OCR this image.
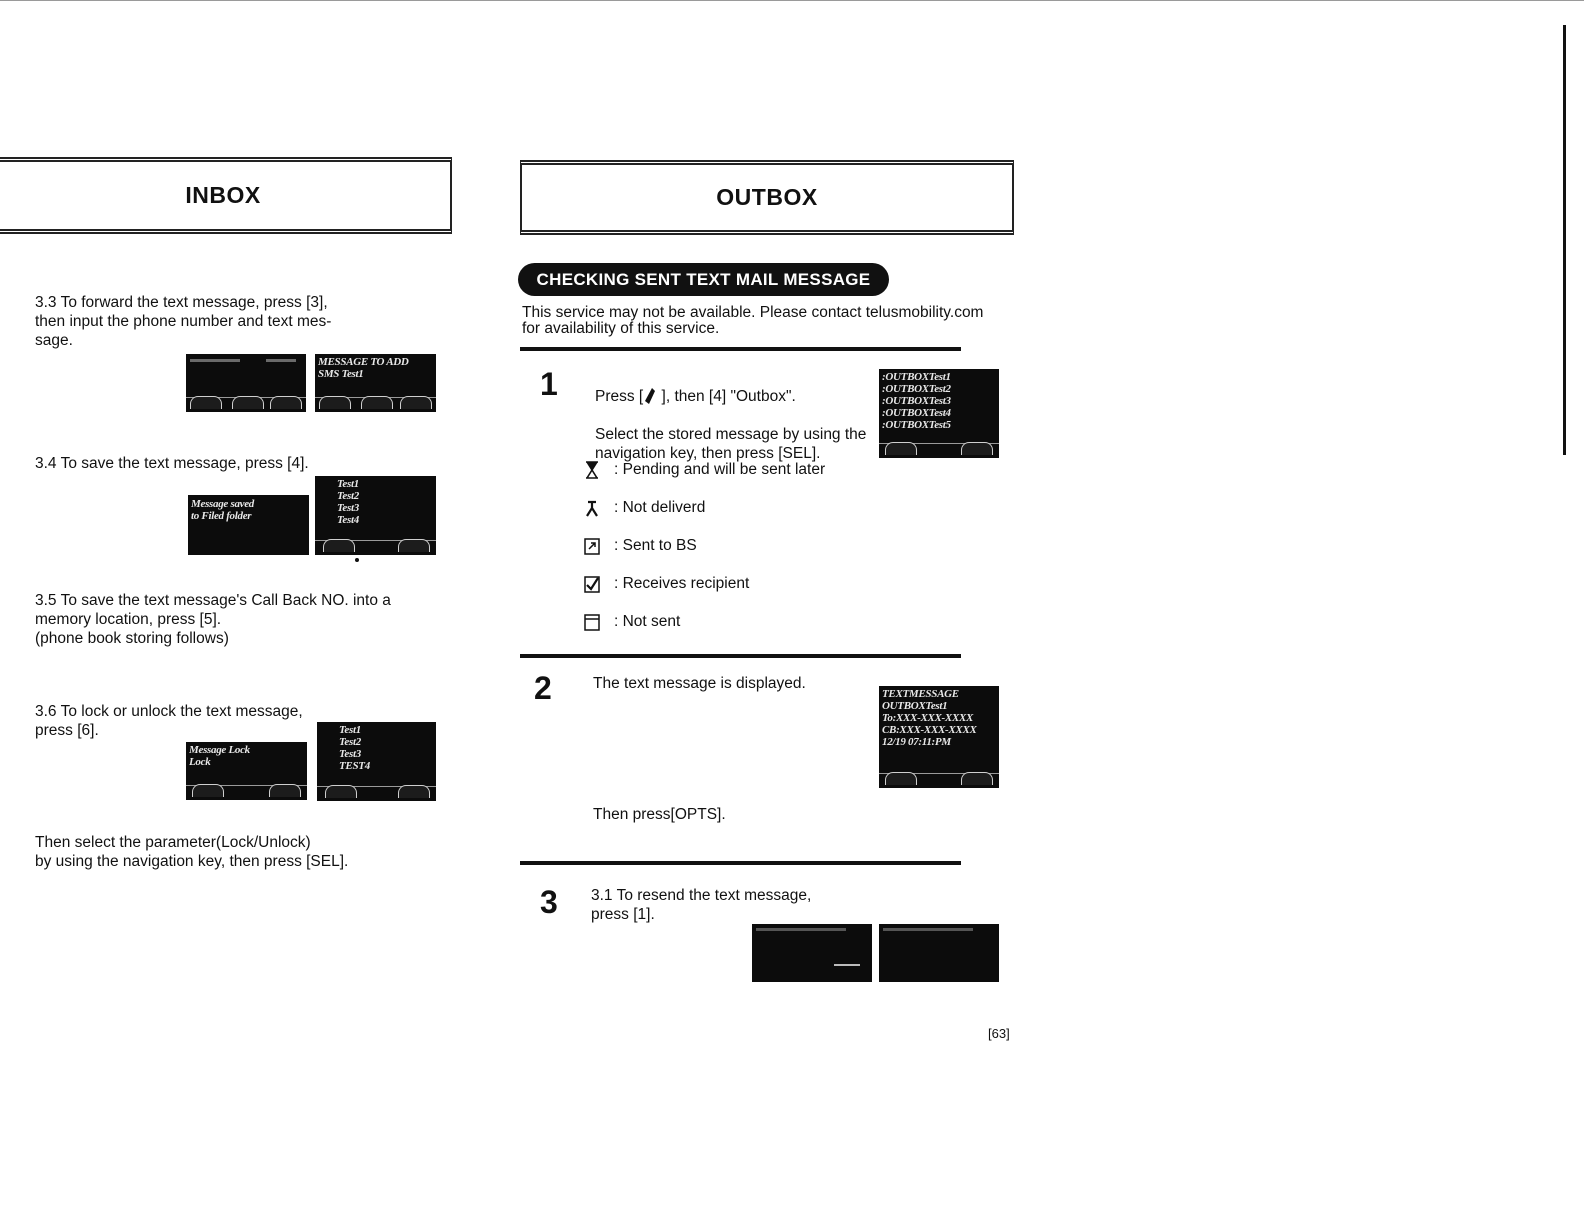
INBOX
3.3 To forward the text message, press [3],
then input the phone number and text mes-
sage.
MESSAGE TO ADD
SMS Test1
3.4 To save the text message, press [4].
Message saved
to Filed folder
Test1
Test2
Test3
Test4
3.5 To save the text message's Call Back NO. into a
memory location, press [5].
(phone book storing follows)
3.6 To lock or unlock the text message,
press [6].
Message Lock
Lock
Test1
Test2
Test3
TEST4
Then select the parameter(Lock/Unlock)
by using the navigation key, then press [SEL].
OUTBOX
CHECKING SENT TEXT MAIL MESSAGE
This service may not be available. Please contact telusmobility.com
for availability of this service.
1 Press [ ], then [4] "Outbox".

Select the stored message by using the
navigation key, then press [SEL].

:OUTBOXTest1
:OUTBOXTest2
:OUTBOXTest3
:OUTBOXTest4
:OUTBOXTest5
: Pending and will be sent later
: Not deliverd
: Sent to BS
: Receives recipient
: Not sent
2	The text message is displayed.
TEXTMESSAGE
OUTBOXTest1
To:XXX-XXX-XXXX
CB:XXX-XXX-XXXX
12/19 07:11:PM
Then press[OPTS].
3 3.1 To resend the text message,
press [1].
[63]
